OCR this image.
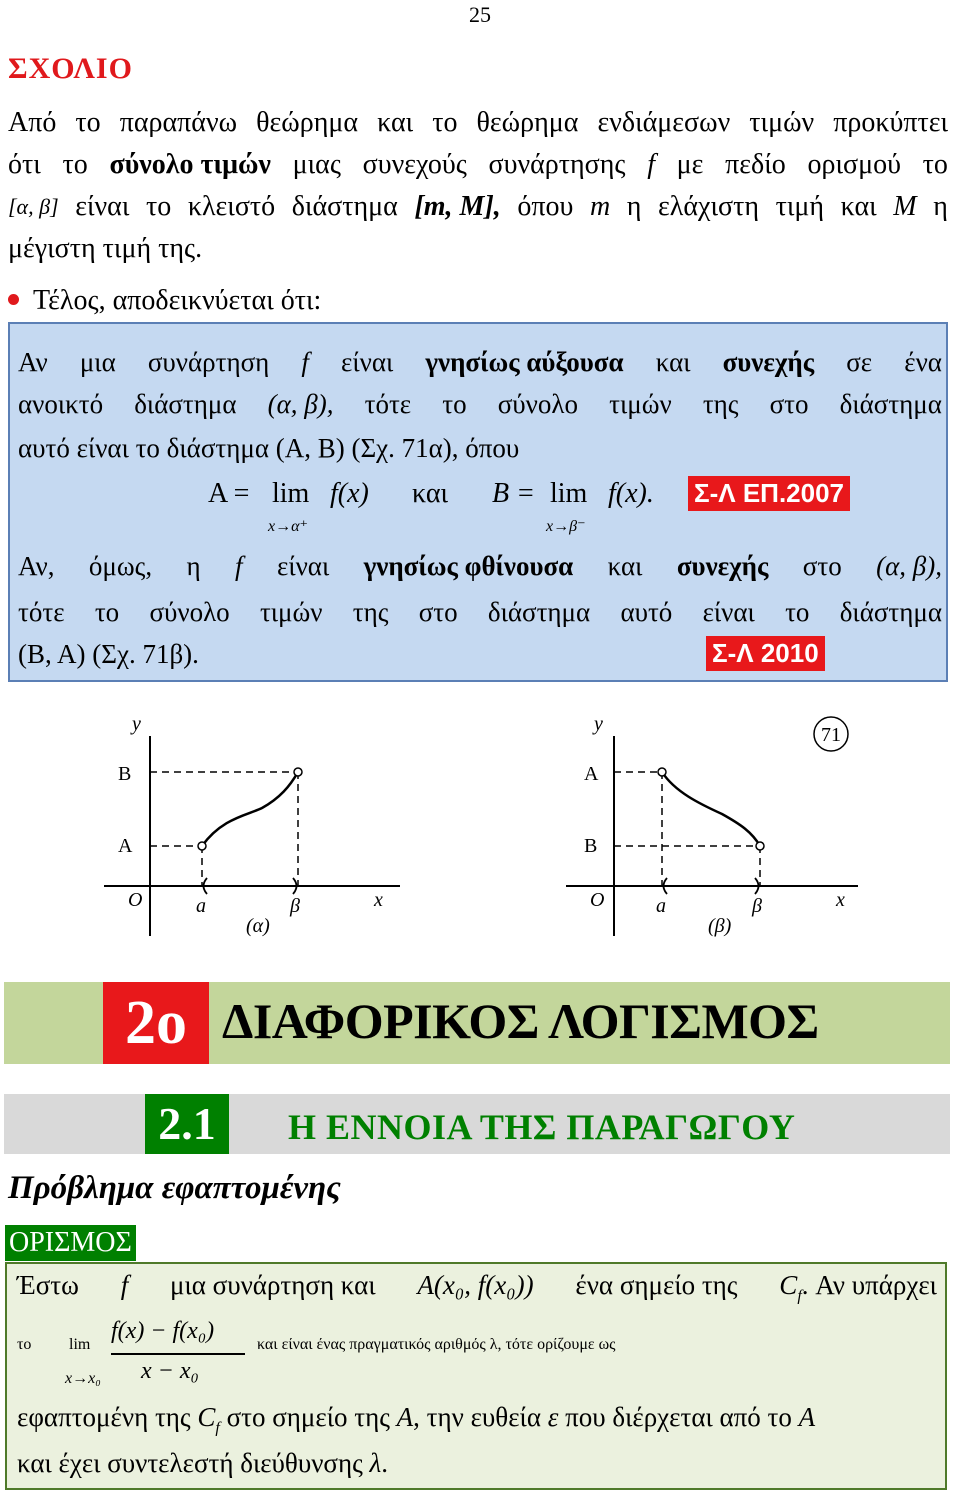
25
ΣΧΟΛΙΟ
Από το παραπάνω θεώρημα και το θεώρημα ενδιάμεσων τιμών προκύπτει
ότι το σύνολο τιμών μιας συνεχούς συνάρτησης f με πεδίο ορισμού το
[α, β] είναι το κλειστό διάστημα [m, M], όπου m η ελάχιστη τιμή και M η
μέγιστη τιμή της.
Τέλος, αποδεικνύεται ότι:
Αν μια συνάρτηση f είναι γνησίως αύξουσα και συνεχής σε ένα
ανοικτό διάστημα (α, β), τότε το σύνολο τιμών της στο διάστημα
αυτό είναι το διάστημα (Α, Β) (Σχ. 71α), όπου
Α = lim
x→α⁺
f(x) και B = lim
x→β⁻
f(x). Σ-Λ ΕΠ.2007
Αν, όμως, η f είναι γνησίως φθίνουσα και συνεχής στο (α, β),
τότε το σύνολο τιμών της στο διάστημα αυτό είναι το διάστημα
(B, A) (Σχ. 71β).	Σ-Λ 2010
y
B
A
O	a	β	x
(α)
y
A
B
O	a	β	x
(β)
71
2ο ΔΙΑΦΟΡΙΚΟΣ ΛΟΓΙΣΜΟΣ
2.1	Η ΕΝΝΟΙΑ ΤΗΣ ΠΑΡΑΓΩΓΟΥ
Πρόβλημα εφαπτομένης
ΟΡΙΣΜΟΣ
Έστω f μια συνάρτηση και A(x₀, f(x₀)) ένα σημείο της $C_f$. Αν υπάρχει
το lim
x→x₀
f(x) − f(x₀)
x − x₀
και είναι ένας πραγματικός αριθμός λ, τότε ορίζουμε ως
εφαπτομένη της $C_f$ στο σημείο της A, την ευθεία ε που διέρχεται από το A
και έχει συντελεστή διεύθυνσης λ.
